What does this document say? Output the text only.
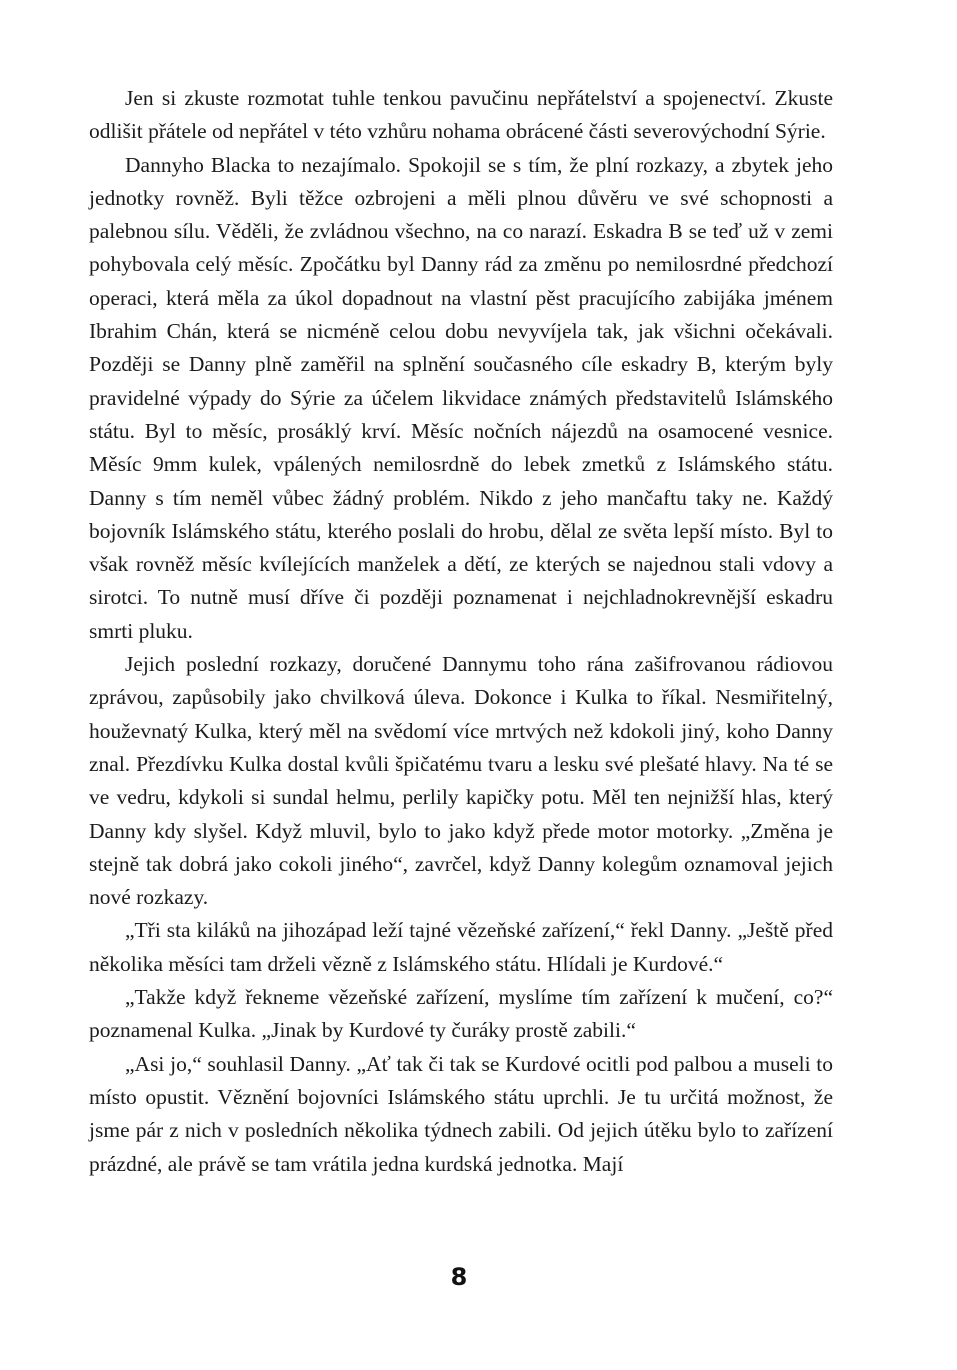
Jen si zkuste rozmotat tuhle tenkou pavučinu nepřátelství a spojenectví. Zkuste odlišit přátele od nepřátel v této vzhůru nohama obrácené části severovýchodní Sýrie.

Dannyho Blacka to nezajímalo. Spokojil se s tím, že plní rozkazy, a zbytek jeho jednotky rovněž. Byli těžce ozbrojeni a měli plnou důvěru ve své schopnosti a palebnou sílu. Věděli, že zvládnou všechno, na co narazí. Eskadra B se teď už v zemi pohybovala celý měsíc. Zpočátku byl Danny rád za změnu po nemilosrdné předchozí operaci, která měla za úkol dopadnout na vlastní pěst pracujícího zabijáka jménem Ibrahim Chán, která se nicméně celou dobu nevyvíjela tak, jak všichni očekávali. Později se Danny plně zaměřil na splnění současného cíle eskadry B, kterým byly pravidelné výpady do Sýrie za účelem likvidace známých představitelů Islámského státu. Byl to měsíc, prosáklý krví. Měsíc nočních nájezdů na osamocené vesnice. Měsíc 9mm kulek, vpálených nemilosrdně do lebek zmetků z Islámského státu. Danny s tím neměl vůbec žádný problém. Nikdo z jeho mančaftu taky ne. Každý bojovník Islámského státu, kterého poslali do hrobu, dělal ze světa lepší místo. Byl to však rovněž měsíc kvílejících manželek a dětí, ze kterých se najednou stali vdovy a sirotci. To nutně musí dříve či později poznamenat i nejchladnokrevnější eskadru smrti pluku.

Jejich poslední rozkazy, doručené Dannymu toho rána zašifrovanou rádiovou zprávou, zapůsobily jako chvilková úleva. Dokonce i Kulka to říkal. Nesmiřitelný, houževnatý Kulka, který měl na svědomí více mrtvých než kdokoli jiný, koho Danny znal. Přezdívku Kulka dostal kvůli špičatému tvaru a lesku své plešaté hlavy. Na té se ve vedru, kdykoli si sundal helmu, perlily kapičky potu. Měl ten nejnižší hlas, který Danny kdy slyšel. Když mluvil, bylo to jako když přede motor motorky. „Změna je stejně tak dobrá jako cokoli jiného“, zavrčel, když Danny kolegům oznamoval jejich nové rozkazy.

„Tři sta kiláků na jihozápad leží tajné vězeňské zařízení,“ řekl Danny. „Ještě před několika měsíci tam drželi vězně z Islámského státu. Hlídali je Kurdové.“

„Takže když řekneme vězeňské zařízení, myslíme tím zařízení k mučení, co?“ poznamenal Kulka. „Jinak by Kurdové ty čuráky prostě zabili.“

„Asi jo,“ souhlasil Danny. „Ať tak či tak se Kurdové ocitli pod palbou a museli to místo opustit. Věznění bojovníci Islámského státu uprchli. Je tu určitá možnost, že jsme pár z nich v posledních několika týdnech zabili. Od jejich útěku bylo to zařízení prázdné, ale právě se tam vrátila jedna kurdská jednotka. Mají

8
